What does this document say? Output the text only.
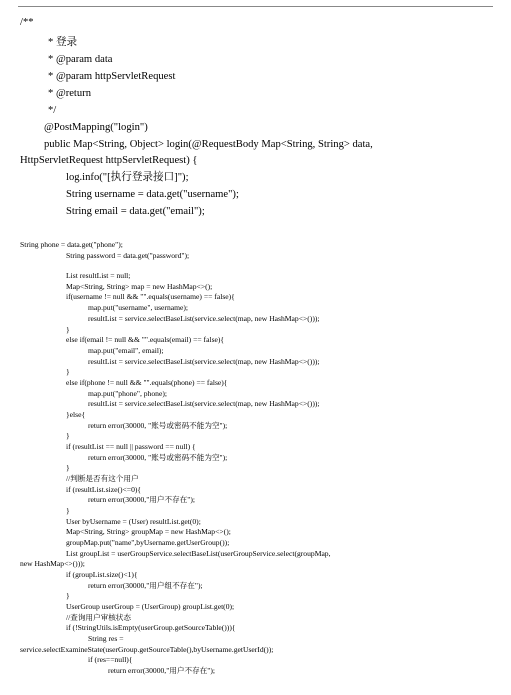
/**
* 登录
* @param data
* @param httpServletRequest
* @return
*/
@PostMapping("login")
public Map<String, Object> login(@RequestBody Map<String, String> data,
HttpServletRequest httpServletRequest) {
log.info("[执行登录接口]");
String username = data.get("username");
String email = data.get("email");
String phone = data.get("phone");
String password = data.get("password");
List resultList = null;
Map<String, String> map = new HashMap<>();
if(username != null && "".equals(username) == false){
map.put("username", username);
resultList = service.selectBaseList(service.select(map, new HashMap<>()));
}
else if(email != null && "".equals(email) == false){
map.put("email", email);
resultList = service.selectBaseList(service.select(map, new HashMap<>()));
}
else if(phone != null && "".equals(phone) == false){
map.put("phone", phone);
resultList = service.selectBaseList(service.select(map, new HashMap<>()));
}else{
return error(30000, "账号或密码不能为空");
}
if (resultList == null || password == null) {
return error(30000, "账号或密码不能为空");
}
//判断是否有这个用户
if (resultList.size()<=0){
return error(30000,"用户不存在");
}
User byUsername = (User) resultList.get(0);
Map<String, String> groupMap = new HashMap<>();
groupMap.put("name",byUsername.getUserGroup());
List groupList = userGroupService.selectBaseList(userGroupService.select(groupMap,
new HashMap<>()));
if (groupList.size()<1){
return error(30000,"用户组不存在");
}
UserGroup userGroup = (UserGroup) groupList.get(0);
//查询用户审核状态
if (!StringUtils.isEmpty(userGroup.getSourceTable())){
String res =
service.selectExamineState(userGroup.getSourceTable(),byUsername.getUserId());
if (res==null){
return error(30000,"用户不存在");
